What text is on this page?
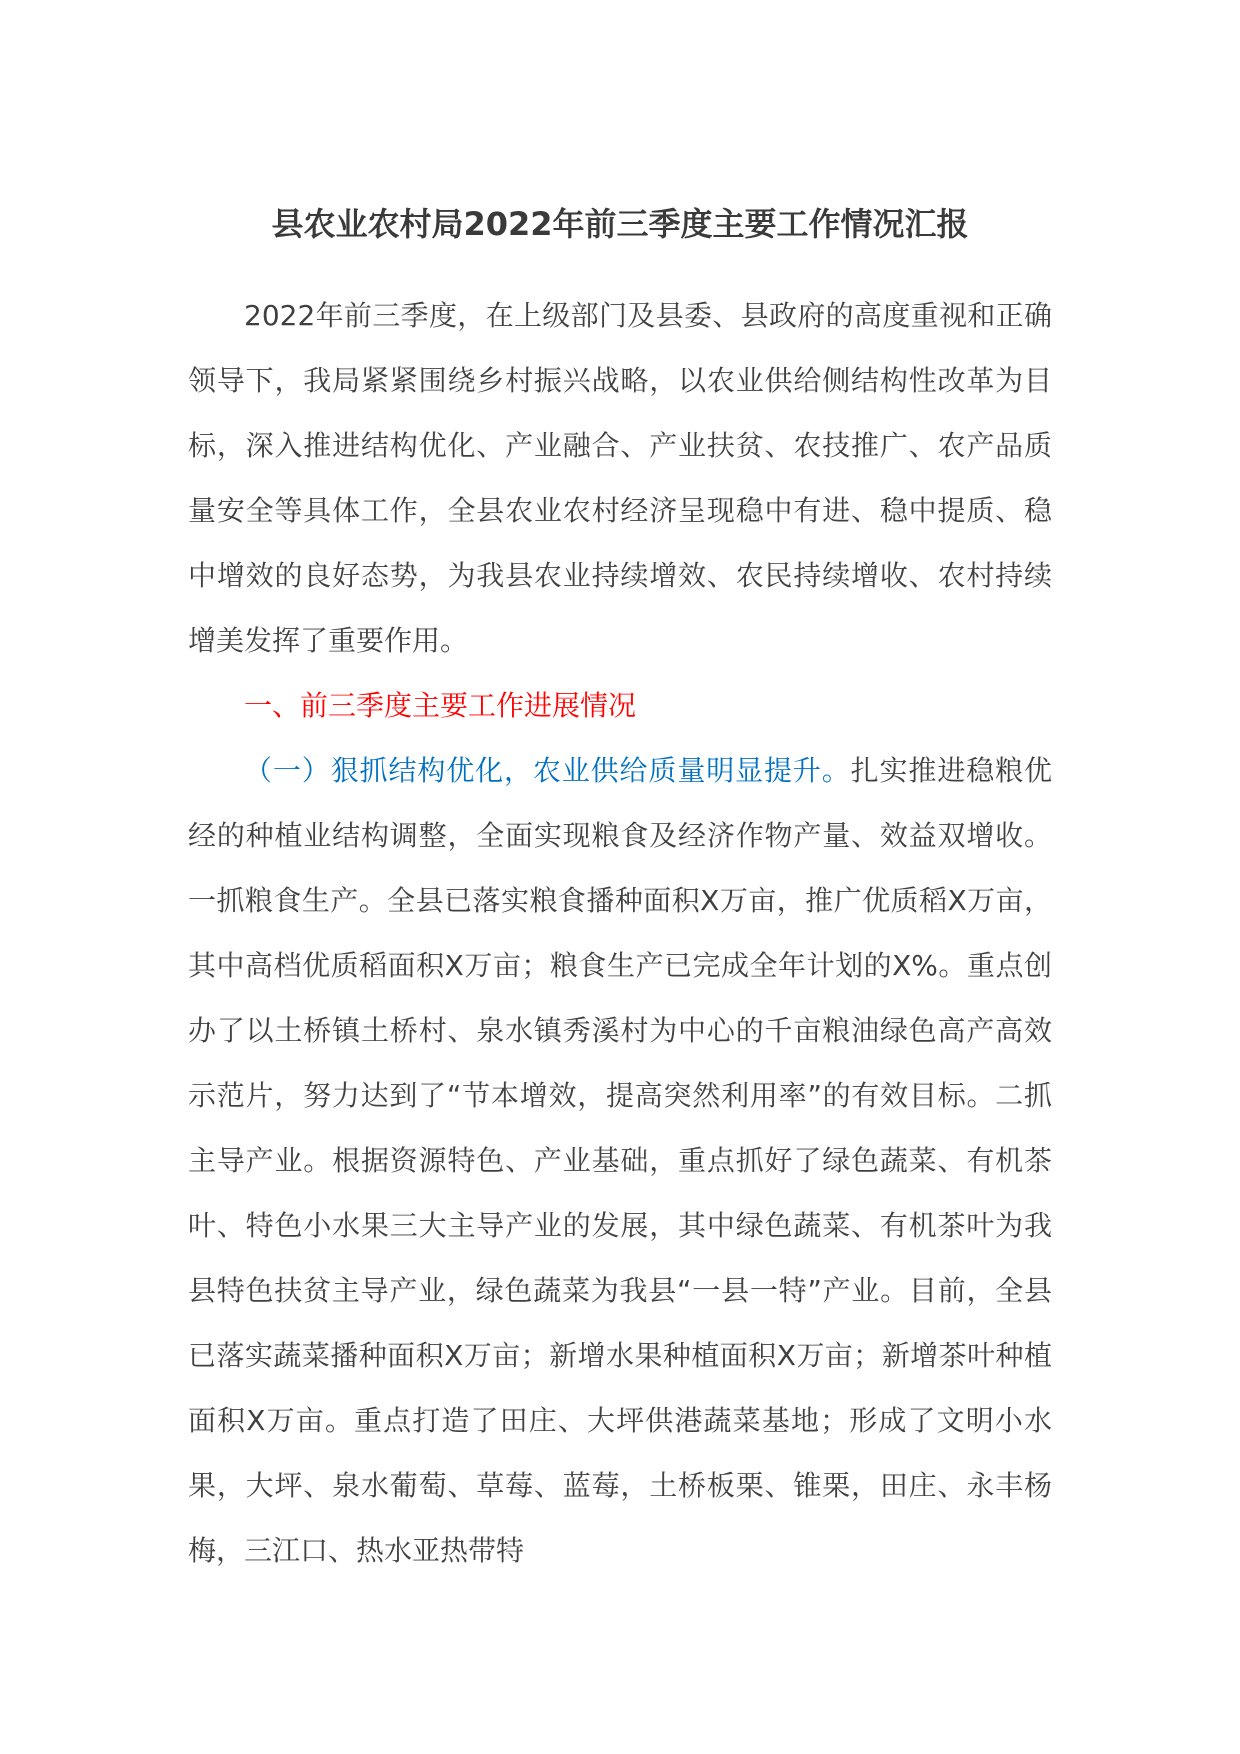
县农业农村局2022年前三季度主要工作情况汇报

2022年前三季度，在上级部门及县委、县政府的高度重视和正确领导下，我局紧紧围绕乡村振兴战略，以农业供给侧结构性改革为目标，深入推进结构优化、产业融合、产业扶贫、农技推广、农产品质量安全等具体工作，全县农业农村经济呈现稳中有进、稳中提质、稳中增效的良好态势，为我县农业持续增效、农民持续增收、农村持续增美发挥了重要作用。

一、前三季度主要工作进展情况

（一）狠抓结构优化，农业供给质量明显提升。扎实推进稳粮优经的种植业结构调整，全面实现粮食及经济作物产量、效益双增收。一抓粮食生产。全县已落实粮食播种面积X万亩，推广优质稻X万亩，其中高档优质稻面积X万亩；粮食生产已完成全年计划的X%。重点创办了以土桥镇土桥村、泉水镇秀溪村为中心的千亩粮油绿色高产高效示范片，努力达到了“节本增效，提高突然利用率”的有效目标。二抓主导产业。根据资源特色、产业基础，重点抓好了绿色蔬菜、有机茶叶、特色小水果三大主导产业的发展，其中绿色蔬菜、有机茶叶为我县特色扶贫主导产业，绿色蔬菜为我县“一县一特”产业。目前，全县已落实蔬菜播种面积X万亩；新增水果种植面积X万亩；新增茶叶种植面积X万亩。重点打造了田庄、大坪供港蔬菜基地；形成了文明小水果，大坪、泉水葡萄、草莓、蓝莓，土桥板栗、锥栗，田庄、永丰杨梅，三江口、热水亚热带特
